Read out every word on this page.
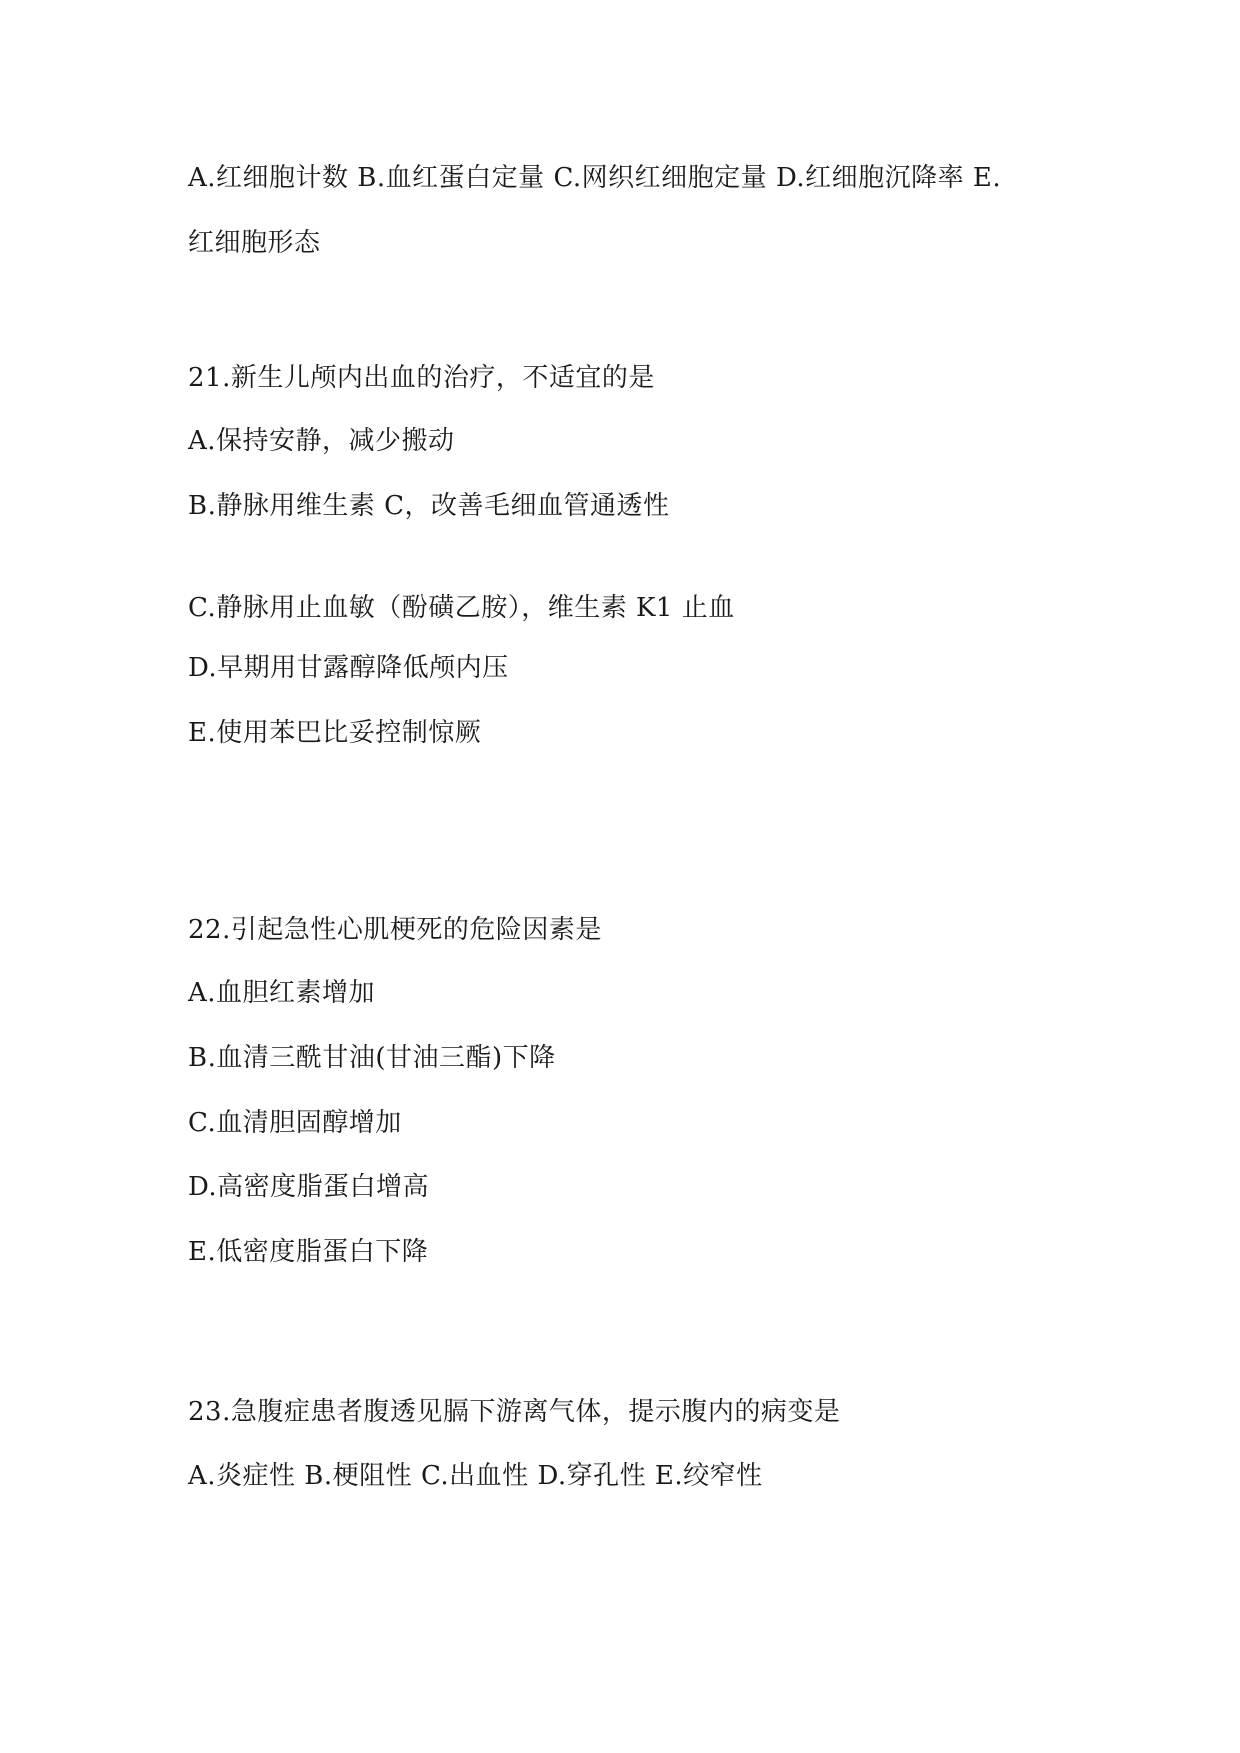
A.红细胞计数 B.血红蛋白定量 C.网织红细胞定量 D.红细胞沉降率 E.
红细胞形态
21.新生儿颅内出血的治疗，不适宜的是
A.保持安静，减少搬动
B.静脉用维生素 C，改善毛细血管通透性
C.静脉用止血敏（酚磺乙胺），维生素 K1 止血
D.早期用甘露醇降低颅内压
E.使用苯巴比妥控制惊厥
22.引起急性心肌梗死的危险因素是
A.血胆红素增加
B.血清三酰甘油(甘油三酯)下降
C.血清胆固醇增加
D.高密度脂蛋白增高
E.低密度脂蛋白下降
23.急腹症患者腹透见膈下游离气体，提示腹内的病变是
A.炎症性 B.梗阻性 C.出血性 D.穿孔性 E.绞窄性
